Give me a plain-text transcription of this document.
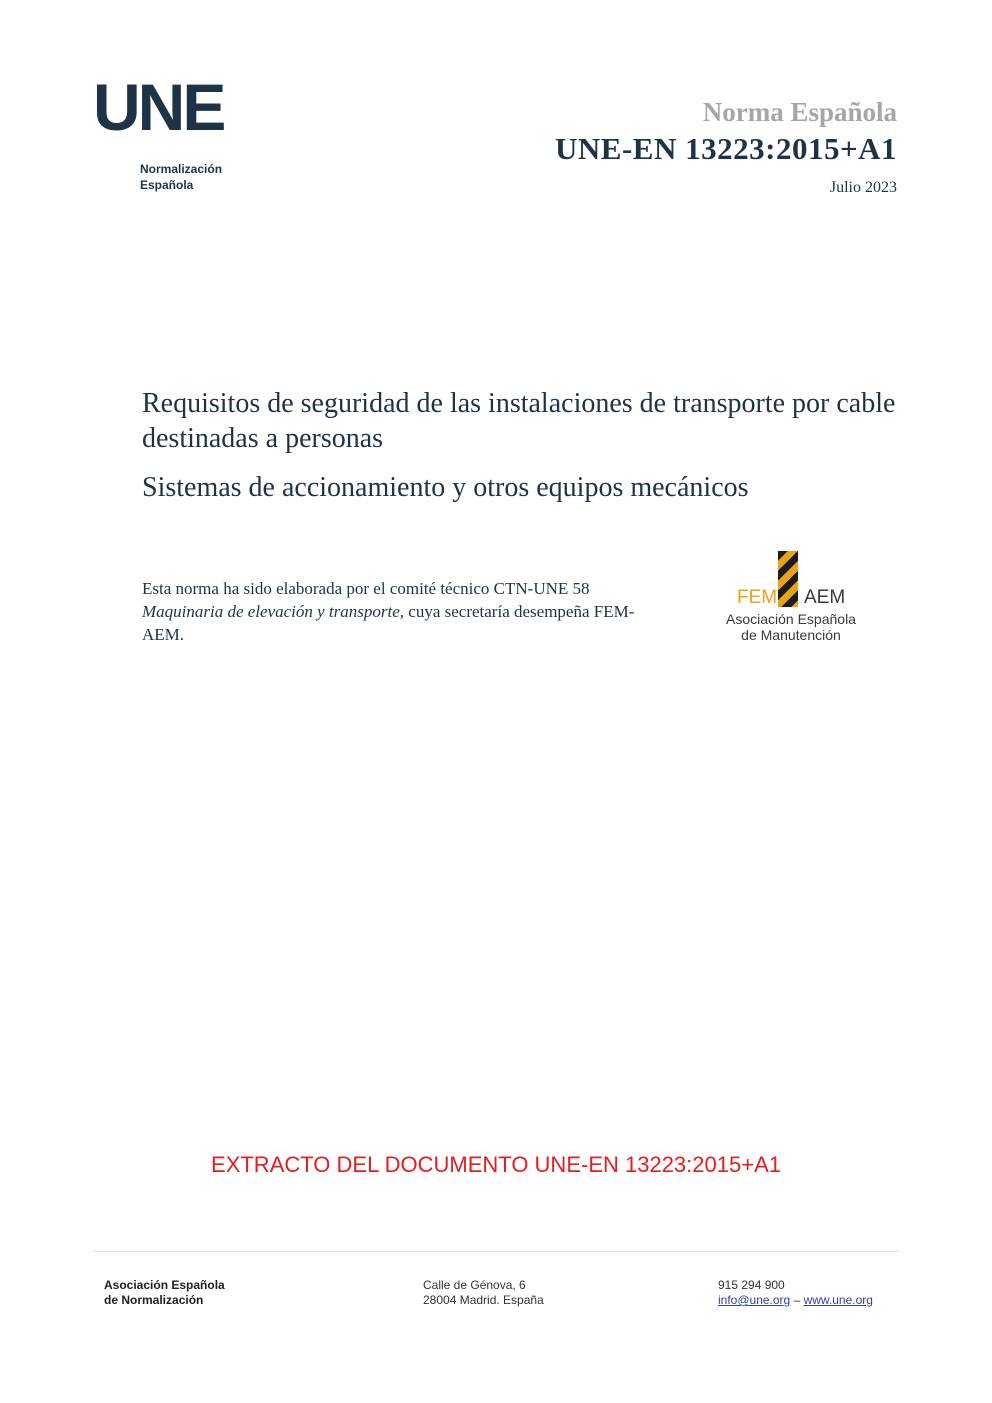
UNE
Normalización
Española
Norma Española
UNE-EN 13223:2015+A1
Julio 2023
Requisitos de seguridad de las instalaciones de transporte por cable destinadas a personas
Sistemas de accionamiento y otros equipos mecánicos
Esta norma ha sido elaborada por el comité técnico CTN-UNE 58 Maquinaria de elevación y transporte, cuya secretaría desempeña FEM-AEM.
FEM AEM
Asociación Española
de Manutención
EXTRACTO DEL DOCUMENTO UNE-EN 13223:2015+A1
Asociación Española
de Normalización
Calle de Génova, 6
28004 Madrid. España
915 294 900
info@une.org – www.une.org
